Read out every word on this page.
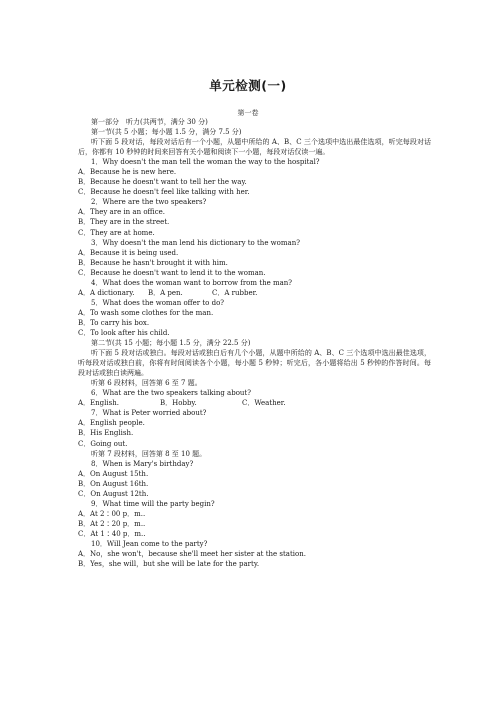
单元检测(一)
第一卷
第一部分　听力(共两节，满分 30 分)
第一节(共 5 小题；每小题 1.5 分，满分 7.5 分)
听下面 5 段对话，每段对话后有一个小题，从题中所给的 A、B、C 三个选项中选出最佳选项，听完每段对话后，你都有 10 秒钟的时间来回答有关小题和阅读下一小题，每段对话仅读一遍。
1．Why doesn't the man tell the woman the way to the hospital?
A．Because he is new here.
B．Because he doesn't want to tell her the way.
C．Because he doesn't feel like talking with her.
2．Where are the two speakers?
A．They are in an office.
B．They are in the street.
C．They are at home.
3．Why doesn't the man lend his dictionary to the woman?
A．Because it is being used.
B．Because he hasn't brought it with him.
C．Because he doesn't want to lend it to the woman.
4．What does the woman want to borrow from the man?
A．A dictionary. B．A pen.	C．A rubber.
5．What does the woman offer to do?
A．To wash some clothes for the man.
B．To carry his box.
C．To look after his child.
第二节(共 15 小题；每小题 1.5 分，满分 22.5 分)
听下面 5 段对话或独白。每段对话或独白后有几个小题，从题中所给的 A、B、C 三个选项中选出最佳选项，听每段对话或独白前，你将有时间阅读各个小题，每小题 5 秒钟；听完后，各小题将给出 5 秒钟的作答时间。每段对话或独白读两遍。
听第 6 段材料，回答第 6 至 7 题。
6．What are the two speakers talking about?
A．English.	B．Hobby.	C．Weather.
7．What is Peter worried about?
A．English people.
B．His English.
C．Going out.
听第 7 段材料，回答第 8 至 10 题。
8．When is Mary's birthday?
A．On August 15th.
B．On August 16th.
C．On August 12th.
9．What time will the party begin?
A．At 2∶00 p．m..
B．At 2∶20 p．m..
C．At 1∶40 p．m..
10．Will Jean come to the party?
A．No，she won't，because she'll meet her sister at the station.
B．Yes，she will，but she will be late for the party.
